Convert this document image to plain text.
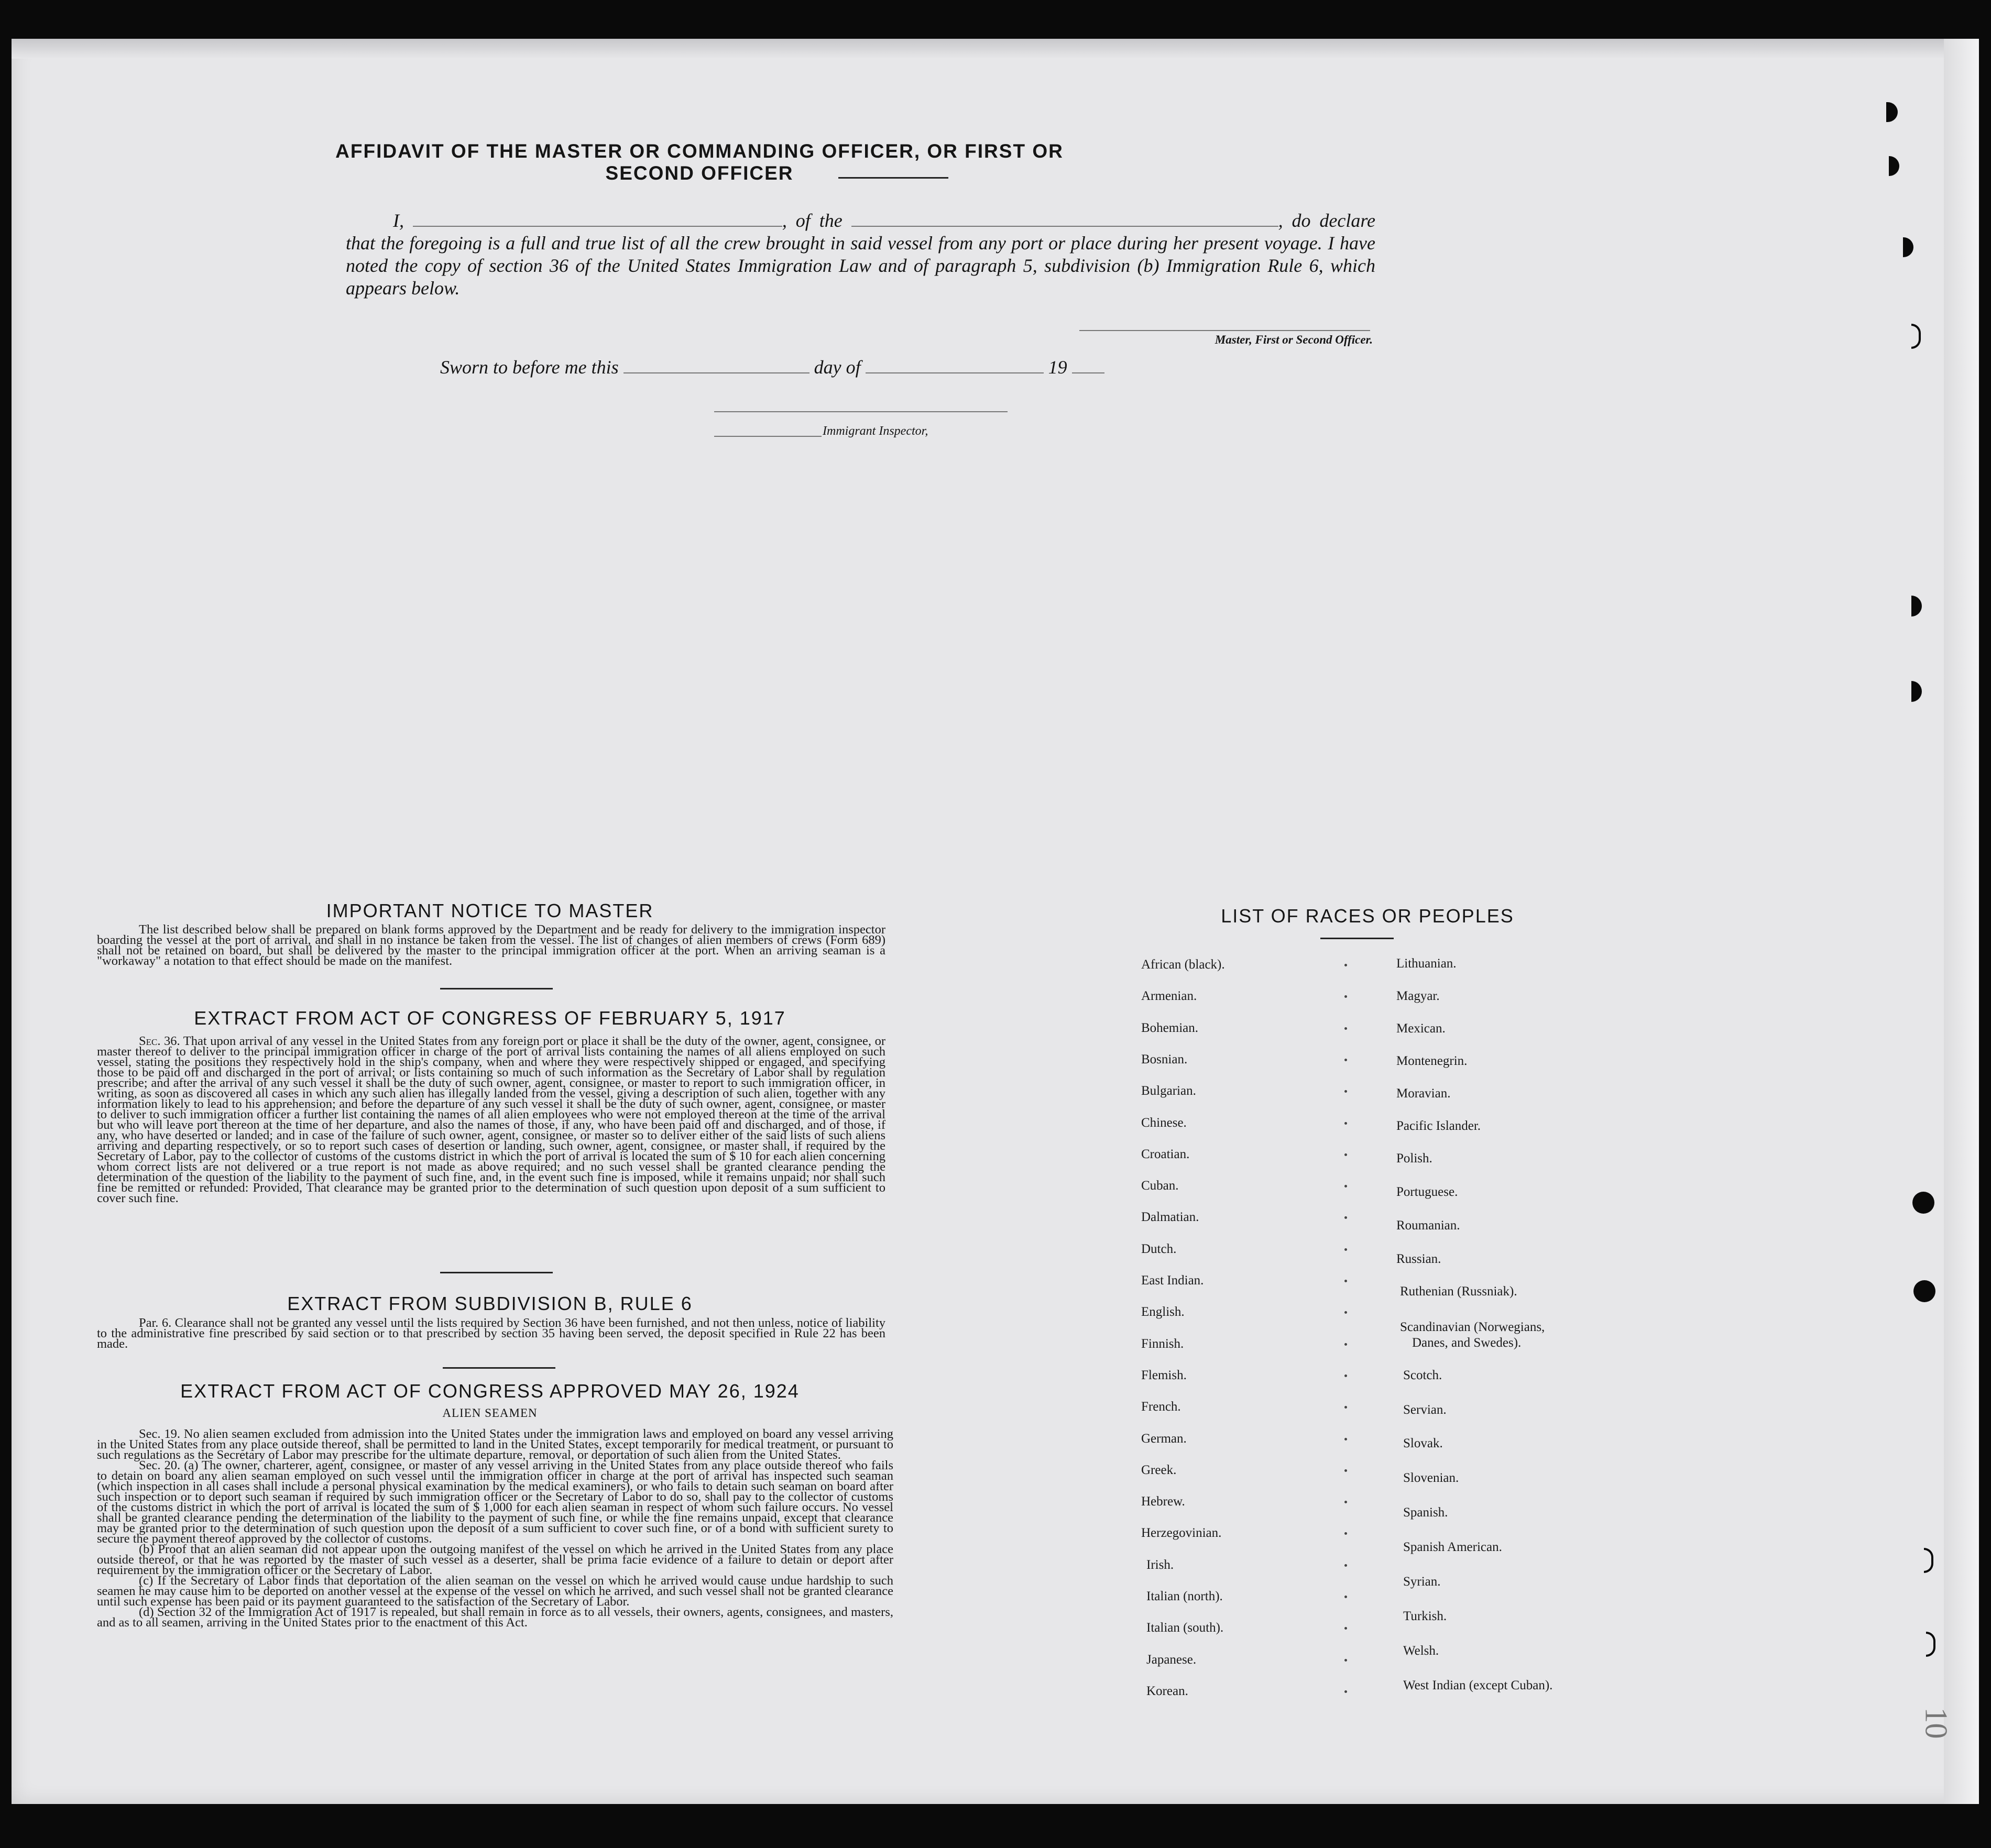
AFFIDAVIT OF THE MASTER OR COMMANDING OFFICER, OR FIRST OR SECOND OFFICER
I,	, of the	, do declare that the foregoing is a full and true list of all the crew brought in said vessel from any port or place during her present voyage. I have noted the copy of section 36 of the United States Immigration Law and of paragraph 5, subdivision (b) Immigration Rule 6, which appears below.
Master, First or Second Officer.
Sworn to before me this	day of	19
Immigrant Inspector,
IMPORTANT NOTICE TO MASTER
The list described below shall be prepared on blank forms approved by the Department and be ready for delivery to the immigration inspector boarding the vessel at the port of arrival, and shall in no instance be taken from the vessel. The list of changes of alien members of crews (Form 689) shall not be retained on board, but shall be delivered by the master to the principal immigration officer at the port. When an arriving seaman is a "workaway" a notation to that effect should be made on the manifest.
EXTRACT FROM ACT OF CONGRESS OF FEBRUARY 5, 1917
Sec. 36. That upon arrival of any vessel in the United States from any foreign port or place it shall be the duty of the owner, agent, consignee, or master thereof to deliver to the principal immigration officer in charge of the port of arrival lists containing the names of all aliens employed on such vessel, stating the positions they respectively hold in the ship's company, when and where they were respectively shipped or engaged, and specifying those to be paid off and discharged in the port of arrival; or lists containing so much of such information as the Secretary of Labor shall by regulation prescribe; and after the arrival of any such vessel it shall be the duty of such owner, agent, consignee, or master to report to such immigration officer, in writing, as soon as discovered all cases in which any such alien has illegally landed from the vessel, giving a description of such alien, together with any information likely to lead to his apprehension; and before the departure of any such vessel it shall be the duty of such owner, agent, consignee, or master to deliver to such immigration officer a further list containing the names of all alien employees who were not employed thereon at the time of the arrival but who will leave port thereon at the time of her departure, and also the names of those, if any, who have been paid off and discharged, and of those, if any, who have deserted or landed; and in case of the failure of such owner, agent, consignee, or master so to deliver either of the said lists of such aliens arriving and departing respectively, or so to report such cases of desertion or landing, such owner, agent, consignee, or master shall, if required by the Secretary of Labor, pay to the collector of customs of the customs district in which the port of arrival is located the sum of $ 10 for each alien concerning whom correct lists are not delivered or a true report is not made as above required; and no such vessel shall be granted clearance pending the determination of the question of the liability to the payment of such fine, and, in the event such fine is imposed, while it remains unpaid; nor shall such fine be remitted or refunded: Provided, That clearance may be granted prior to the determination of such question upon deposit of a sum sufficient to cover such fine.
EXTRACT FROM SUBDIVISION B, RULE 6
Par. 6. Clearance shall not be granted any vessel until the lists required by Section 36 have been furnished, and not then unless, notice of liability to the administrative fine prescribed by said section or to that prescribed by section 35 having been served, the deposit specified in Rule 22 has been made.
EXTRACT FROM ACT OF CONGRESS APPROVED MAY 26, 1924
ALIEN SEAMEN

Sec. 19. No alien seamen excluded from admission into the United States under the immigration laws and employed on board any vessel arriving in the United States from any place outside thereof, shall be permitted to land in the United States, except temporarily for medical treatment, or pursuant to such regulations as the Secretary of Labor may prescribe for the ultimate departure, removal, or deportation of such alien from the United States.

Sec. 20. (a) The owner, charterer, agent, consignee, or master of any vessel arriving in the United States from any place outside thereof who fails to detain on board any alien seaman employed on such vessel until the immigration officer in charge at the port of arrival has inspected such seaman (which inspection in all cases shall include a personal physical examination by the medical examiners), or who fails to detain such seaman on board after such inspection or to deport such seaman if required by such immigration officer or the Secretary of Labor to do so, shall pay to the collector of customs of the customs district in which the port of arrival is located the sum of $ 1,000 for each alien seaman in respect of whom such failure occurs. No vessel shall be granted clearance pending the determination of the liability to the payment of such fine, or while the fine remains unpaid, except that clearance may be granted prior to the determination of such question upon the deposit of a sum sufficient to cover such fine, or of a bond with sufficient surety to secure the payment thereof approved by the collector of customs.

(b) Proof that an alien seaman did not appear upon the outgoing manifest of the vessel on which he arrived in the United States from any place outside thereof, or that he was reported by the master of such vessel as a deserter, shall be prima facie evidence of a failure to detain or deport after requirement by the immigration officer or the Secretary of Labor.

(c) If the Secretary of Labor finds that deportation of the alien seaman on the vessel on which he arrived would cause undue hardship to such seamen he may cause him to be deported on another vessel at the expense of the vessel on which he arrived, and such vessel shall not be granted clearance until such expense has been paid or its payment guaranteed to the satisfaction of the Secretary of Labor.

(d) Section 32 of the Immigration Act of 1917 is repealed, but shall remain in force as to all vessels, their owners, agents, consignees, and masters, and as to all seamen, arriving in the United States prior to the enactment of this Act.

LIST OF RACES OR PEOPLES
African (black).
Armenian.
Bohemian.
Bosnian.
Bulgarian.
Chinese.
Croatian.
Cuban.
Dalmatian.
Dutch.
East Indian.
English.
Finnish.
Flemish.
French.
German.
Greek.
Hebrew.
Herzegovinian.
Irish.
Italian (north).
Italian (south).
Japanese.
Korean.
Lithuanian.
Magyar.
Mexican.
Montenegrin.
Moravian.
Pacific Islander.
Polish.
Portuguese.
Roumanian.
Russian.
Ruthenian (Russniak).
Scandinavian (Norwegians,
Danes, and Swedes).
Scotch.
Servian.
Slovak.
Slovenian.
Spanish.
Spanish American.
Syrian.
Turkish.
Welsh.
West Indian (except Cuban).
10
